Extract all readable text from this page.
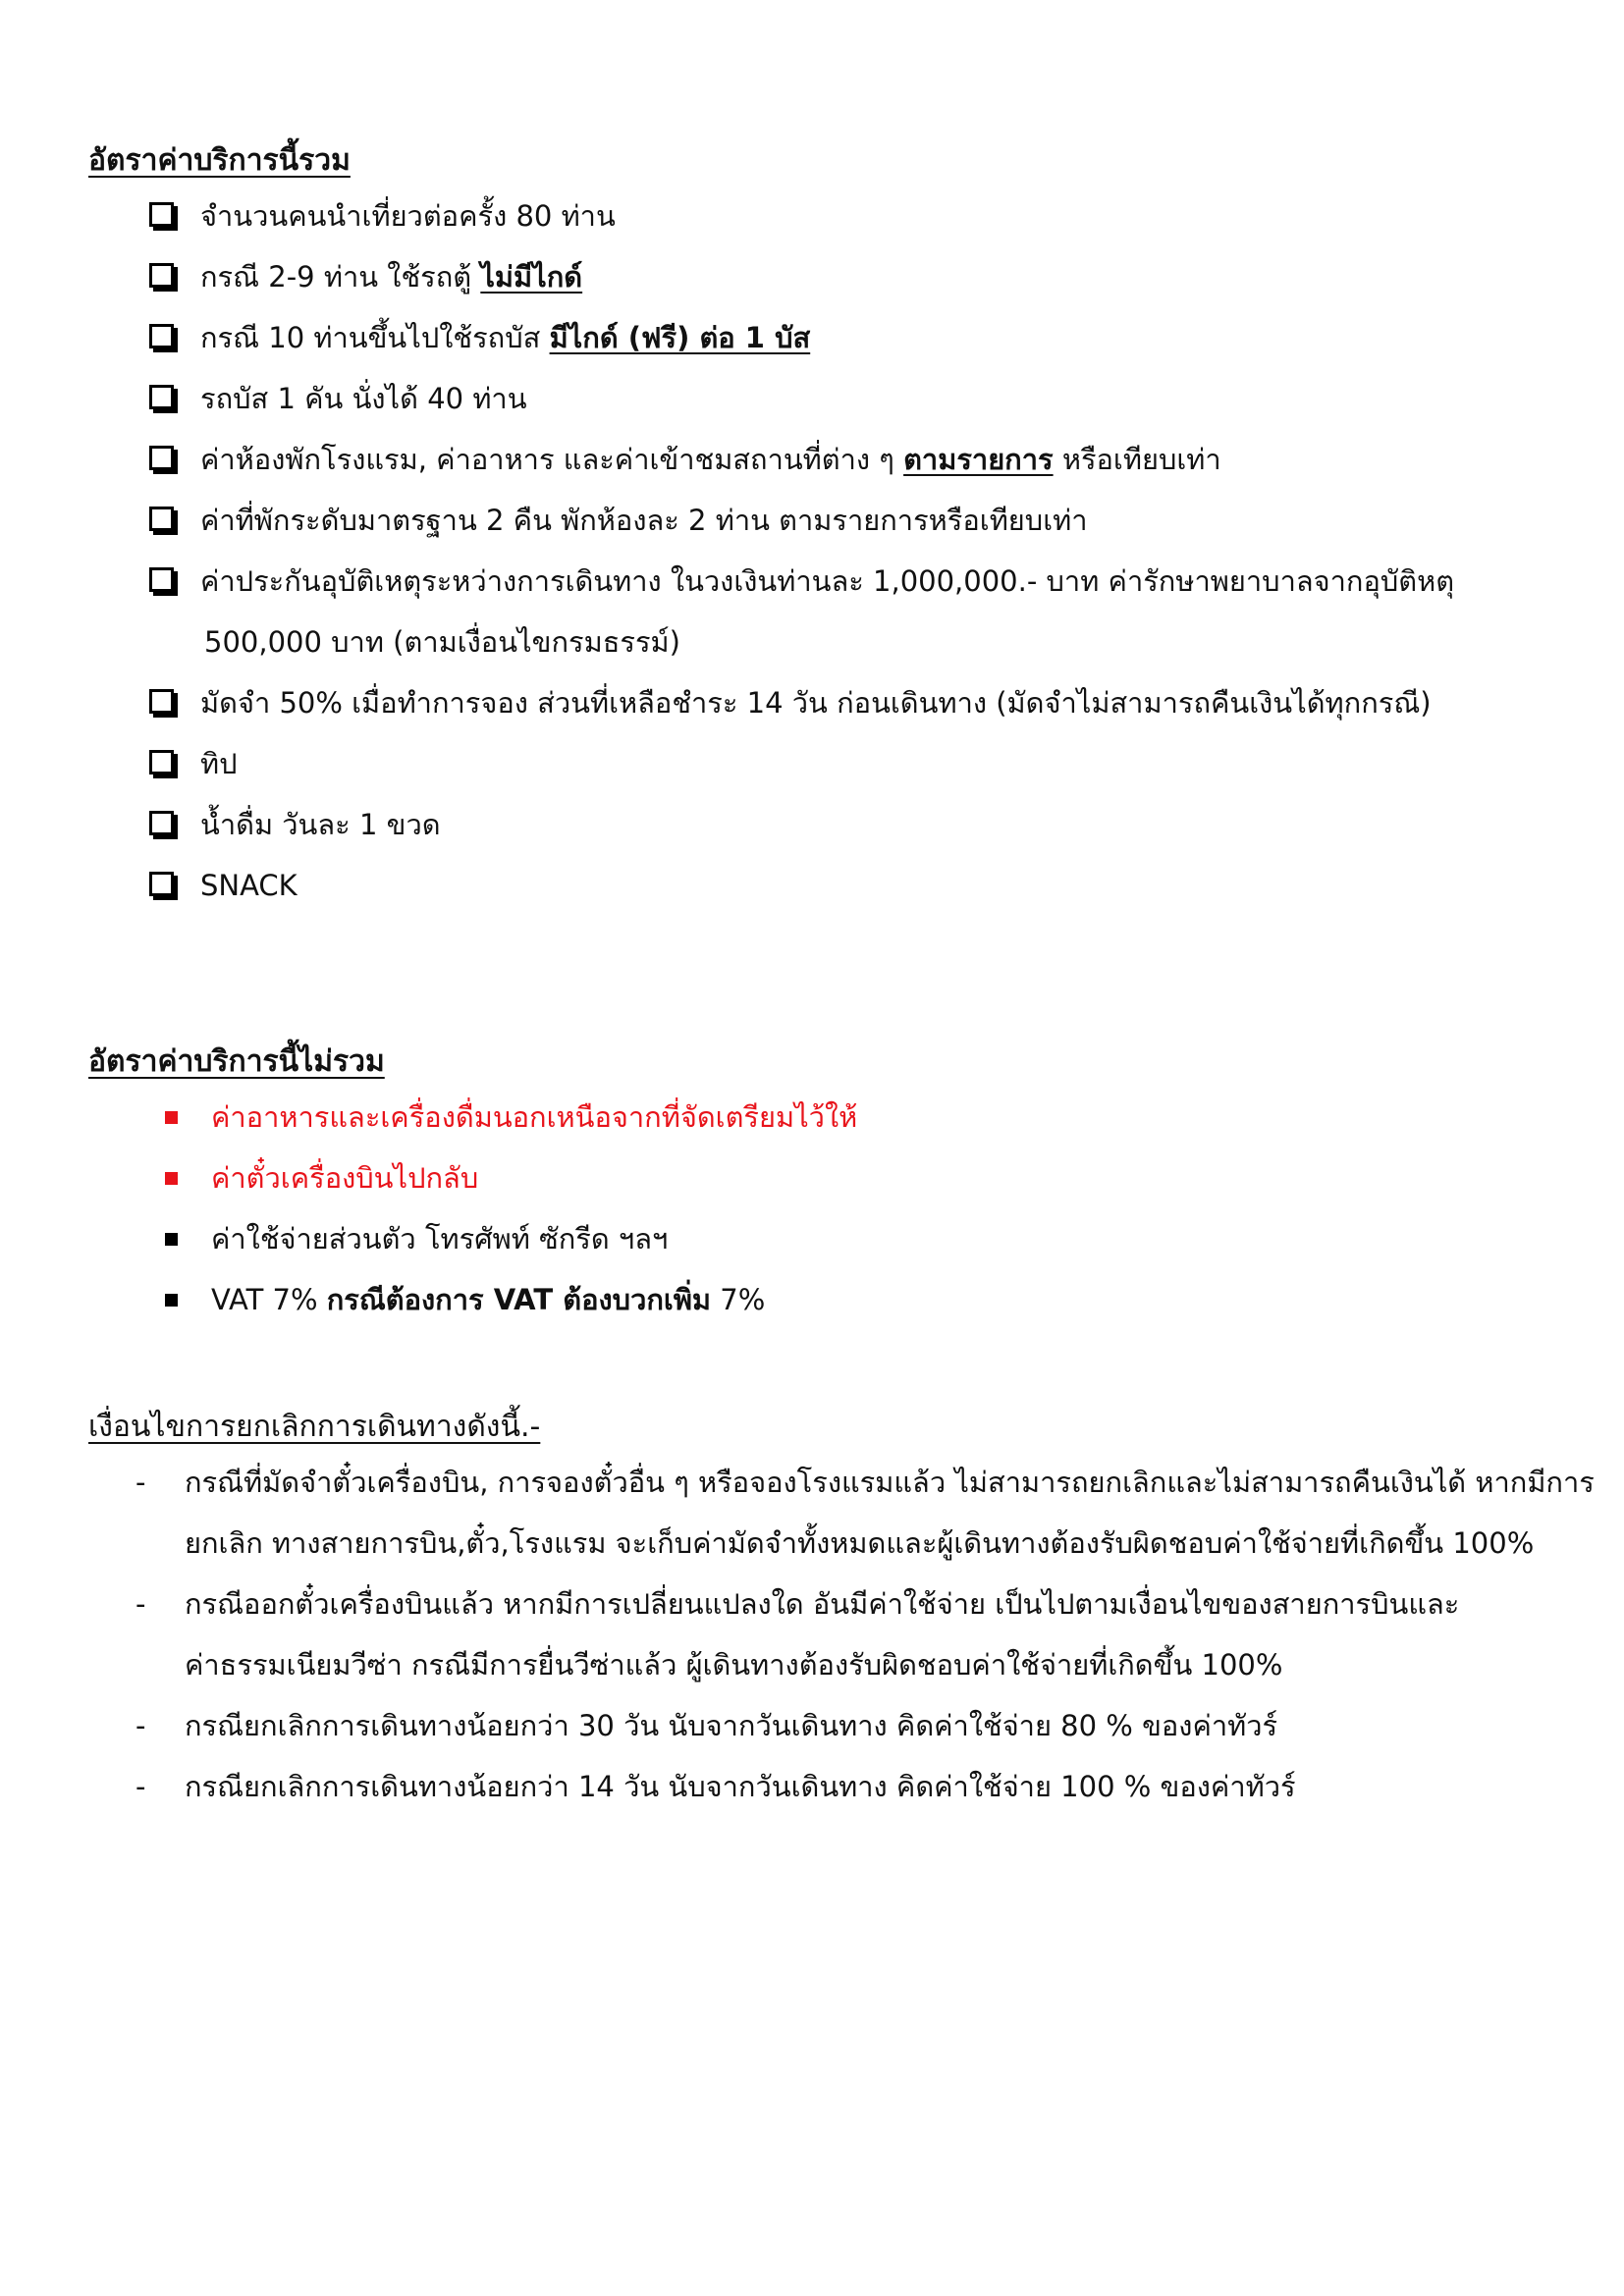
อัตราค่าบริการนี้รวม
จำนวนคนนำเที่ยวต่อครั้ง 80 ท่าน
กรณี 2-9 ท่าน ใช้รถตู้ ไม่มีไกด์
กรณี 10 ท่านขึ้นไปใช้รถบัส มีไกด์ (ฟรี) ต่อ 1 บัส
รถบัส 1 คัน นั่งได้ 40 ท่าน
ค่าห้องพักโรงแรม, ค่าอาหาร และค่าเข้าชมสถานที่ต่าง ๆ ตามรายการ หรือเทียบเท่า
ค่าที่พักระดับมาตรฐาน 2 คืน พักห้องละ 2 ท่าน ตามรายการหรือเทียบเท่า
ค่าประกันอุบัติเหตุระหว่างการเดินทาง ในวงเงินท่านละ 1,000,000.- บาท ค่ารักษาพยาบาลจากอุบัติหตุ
500,000 บาท (ตามเงื่อนไขกรมธรรม์)
มัดจำ 50% เมื่อทำการจอง ส่วนที่เหลือชำระ 14 วัน ก่อนเดินทาง (มัดจำไม่สามารถคืนเงินได้ทุกกรณี)
ทิป
น้ำดื่ม วันละ 1 ขวด
SNACK
อัตราค่าบริการนี้ไม่รวม
ค่าอาหารและเครื่องดื่มนอกเหนือจากที่จัดเตรียมไว้ให้
ค่าตั๋วเครื่องบินไปกลับ
ค่าใช้จ่ายส่วนตัว โทรศัพท์ ซักรีด ฯลฯ
VAT 7% กรณีต้องการ VAT ต้องบวกเพิ่ม 7%
เงื่อนไขการยกเลิกการเดินทางดังนี้.-
-	กรณีที่มัดจำตั๋วเครื่องบิน, การจองตั๋วอื่น ๆ หรือจองโรงแรมแล้ว ไม่สามารถยกเลิกและไม่สามารถคืนเงินได้ หากมีการ
ยกเลิก ทางสายการบิน,ตั๋ว,โรงแรม จะเก็บค่ามัดจำทั้งหมดและผู้เดินทางต้องรับผิดชอบค่าใช้จ่ายที่เกิดขึ้น 100%
-	กรณีออกตั๋วเครื่องบินแล้ว หากมีการเปลี่ยนแปลงใด อันมีค่าใช้จ่าย เป็นไปตามเงื่อนไขของสายการบินและ
ค่าธรรมเนียมวีซ่า กรณีมีการยื่นวีซ่าแล้ว ผู้เดินทางต้องรับผิดชอบค่าใช้จ่ายที่เกิดขึ้น 100%
-	กรณียกเลิกการเดินทางน้อยกว่า 30 วัน นับจากวันเดินทาง คิดค่าใช้จ่าย 80 % ของค่าทัวร์
-	กรณียกเลิกการเดินทางน้อยกว่า 14 วัน นับจากวันเดินทาง คิดค่าใช้จ่าย 100 % ของค่าทัวร์
